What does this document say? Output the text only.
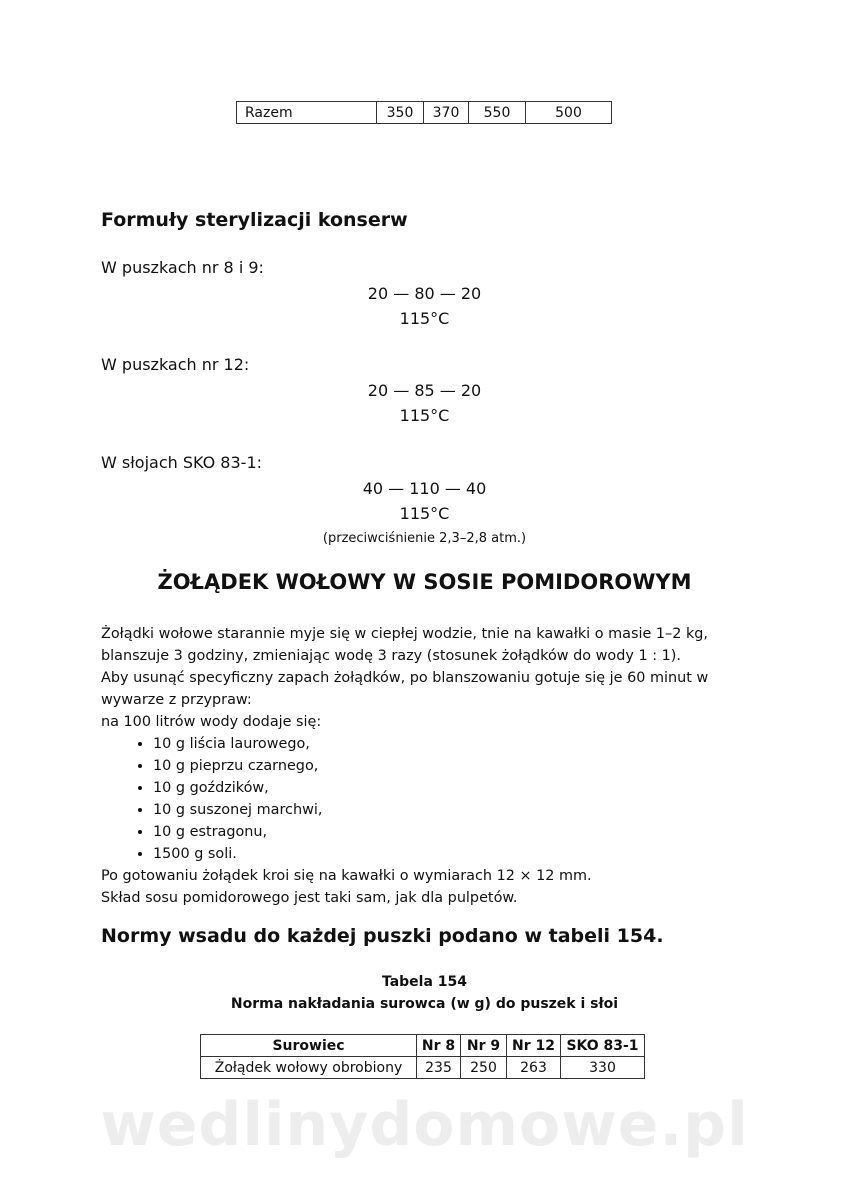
Razem	350	370	550	500
Formuły sterylizacji konserw
W puszkach nr 8 i 9:
20 — 80 — 20
115°C
W puszkach nr 12:
20 — 85 — 20
115°C
W słojach SKO 83-1:
40 — 110 — 40
115°C
(przeciwciśnienie 2,3–2,8 atm.)
ŻOŁĄDEK WOŁOWY W SOSIE POMIDOROWYM

Żołądki wołowe starannie myje się w ciepłej wodzie, tnie na kawałki o masie 1–2 kg, blanszuje 3 godziny, zmieniając wodę 3 razy (stosunek żołądków do wody 1 : 1).

Aby usunąć specyficzny zapach żołądków, po blanszowaniu gotuje się je 60 minut w wywarze z przypraw:

na 100 litrów wody dodaje się:

• 10 g liścia laurowego,
• 10 g pieprzu czarnego,
• 10 g goździków,
• 10 g suszonej marchwi,
• 10 g estragonu,
• 1500 g soli.

Po gotowaniu żołądek kroi się na kawałki o wymiarach 12 × 12 mm.

Skład sosu pomidorowego jest taki sam, jak dla pulpetów.

Normy wsadu do każdej puszki podano w tabeli 154.
Tabela 154
Norma nakładania surowca (w g) do puszek i słoi
Surowiec	Nr 8	Nr 9	Nr 12	SKO 83-1
Żołądek wołowy obrobiony	235	250	263	330
wedlinydomowe.pl
